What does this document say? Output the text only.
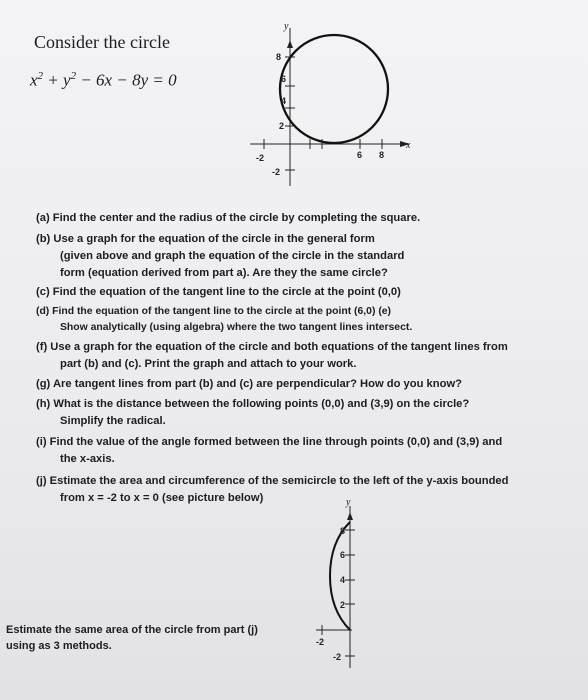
Consider the circle
$x^2 + y^2 - 6x - 8y = 0$
y
x
8
6
4
2
-2
-2	6 8
(a) Find the center and the radius of the circle by completing the square.
(b) Use a graph for the equation of the circle in the general form
(given above and graph the equation of the circle in the standard
form (equation derived from part a). Are they the same circle?
(c) Find the equation of the tangent line to the circle at the point (0,0)
(d) Find the equation of the tangent line to the circle at the point (6,0) (e)
Show analytically (using algebra) where the two tangent lines intersect.
(f) Use a graph for the equation of the circle and both equations of the tangent lines from
part (b) and (c). Print the graph and attach to your work.
(g) Are tangent lines from part (b) and (c) are perpendicular? How do you know?
(h) What is the distance between the following points (0,0) and (3,9) on the circle?
Simplify the radical.
(i) Find the value of the angle formed between the line through points (0,0) and (3,9) and
the x-axis.
(j) Estimate the area and circumference of the semicircle to the left of the y-axis bounded
from x = -2 to x = 0 (see picture below)	y
8
6
4
2
-2
-2
Estimate the same area of the circle from part (j)
using as 3 methods.
